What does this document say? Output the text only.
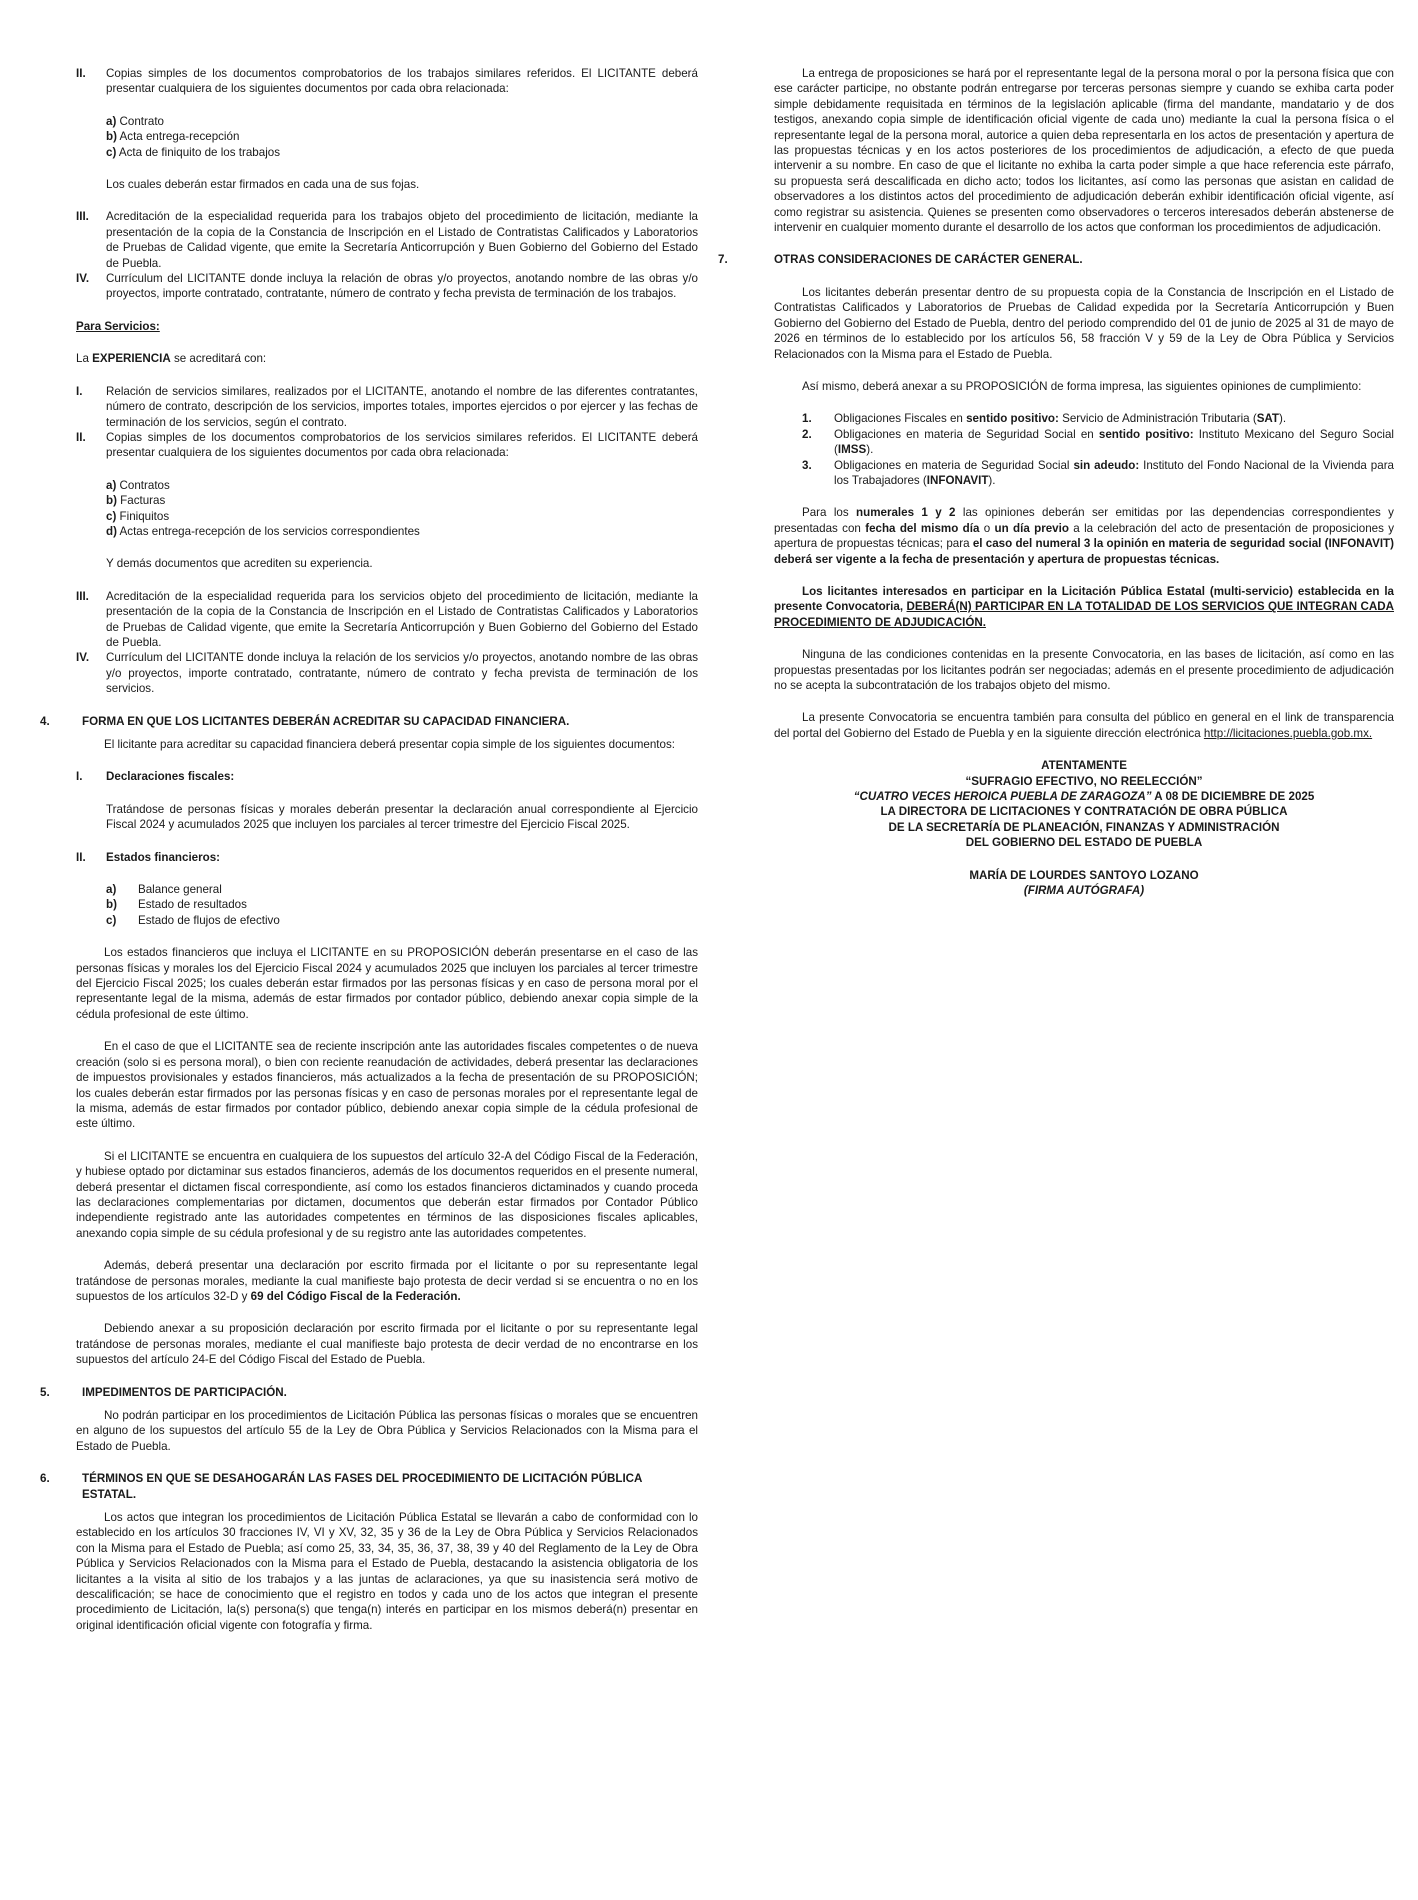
II.	Copias simples de los documentos comprobatorios de los trabajos similares referidos. El LICITANTE deberá presentar cualquiera de los siguientes documentos por cada obra relacionada:
a) Contrato
b) Acta entrega-recepción
c) Acta de finiquito de los trabajos

Los cuales deberán estar firmados en cada una de sus fojas.

III.	Acreditación de la especialidad requerida para los trabajos objeto del procedimiento de licitación, mediante la presentación de la copia de la Constancia de Inscripción en el Listado de Contratistas Calificados y Laboratorios de Pruebas de Calidad vigente, que emite la Secretaría Anticorrupción y Buen Gobierno del Gobierno del Estado de Puebla.
IV.	Currículum del LICITANTE donde incluya la relación de obras y/o proyectos, anotando nombre de las obras y/o proyectos, importe contratado, contratante, número de contrato y fecha prevista de terminación de los trabajos.

Para Servicios:

La EXPERIENCIA se acreditará con:

I.	Relación de servicios similares, realizados por el LICITANTE, anotando el nombre de las diferentes contratantes, número de contrato, descripción de los servicios, importes totales, importes ejercidos o por ejercer y las fechas de terminación de los servicios, según el contrato.
II.	Copias simples de los documentos comprobatorios de los servicios similares referidos. El LICITANTE deberá presentar cualquiera de los siguientes documentos por cada obra relacionada:
a) Contratos
b) Facturas
c) Finiquitos
d) Actas entrega-recepción de los servicios correspondientes

Y demás documentos que acrediten su experiencia.

III.	Acreditación de la especialidad requerida para los servicios objeto del procedimiento de licitación, mediante la presentación de la copia de la Constancia de Inscripción en el Listado de Contratistas Calificados y Laboratorios de Pruebas de Calidad vigente, que emite la Secretaría Anticorrupción y Buen Gobierno del Gobierno del Estado de Puebla.
IV.	Currículum del LICITANTE donde incluya la relación de los servicios y/o proyectos, anotando nombre de las obras y/o proyectos, importe contratado, contratante, número de contrato y fecha prevista de terminación de los servicios.
4.	FORMA EN QUE LOS LICITANTES DEBERÁN ACREDITAR SU CAPACIDAD FINANCIERA.

El licitante para acreditar su capacidad financiera deberá presentar copia simple de los siguientes documentos:

I.	Declaraciones fiscales:

Tratándose de personas físicas y morales deberán presentar la declaración anual correspondiente al Ejercicio Fiscal 2024 y acumulados 2025 que incluyen los parciales al tercer trimestre del Ejercicio Fiscal 2025.

II.	Estados financieros:
a)	Balance general
b)	Estado de resultados
c)	Estado de flujos de efectivo

Los estados financieros que incluya el LICITANTE en su PROPOSICIÓN deberán presentarse en el caso de las personas físicas y morales los del Ejercicio Fiscal 2024 y acumulados 2025 que incluyen los parciales al tercer trimestre del Ejercicio Fiscal 2025; los cuales deberán estar firmados por las personas físicas y en caso de persona moral por el representante legal de la misma, además de estar firmados por contador público, debiendo anexar copia simple de la cédula profesional de este último.

En el caso de que el LICITANTE sea de reciente inscripción ante las autoridades fiscales competentes o de nueva creación (solo si es persona moral), o bien con reciente reanudación de actividades, deberá presentar las declaraciones de impuestos provisionales y estados financieros, más actualizados a la fecha de presentación de su PROPOSICIÓN; los cuales deberán estar firmados por las personas físicas y en caso de personas morales por el representante legal de la misma, además de estar firmados por contador público, debiendo anexar copia simple de la cédula profesional de este último.

Si el LICITANTE se encuentra en cualquiera de los supuestos del artículo 32-A del Código Fiscal de la Federación, y hubiese optado por dictaminar sus estados financieros, además de los documentos requeridos en el presente numeral, deberá presentar el dictamen fiscal correspondiente, así como los estados financieros dictaminados y cuando proceda las declaraciones complementarias por dictamen, documentos que deberán estar firmados por Contador Público independiente registrado ante las autoridades competentes en términos de las disposiciones fiscales aplicables, anexando copia simple de su cédula profesional y de su registro ante las autoridades competentes.

Además, deberá presentar una declaración por escrito firmada por el licitante o por su representante legal tratándose de personas morales, mediante la cual manifieste bajo protesta de decir verdad si se encuentra o no en los supuestos de los artículos 32-D y 69 del Código Fiscal de la Federación.

Debiendo anexar a su proposición declaración por escrito firmada por el licitante o por su representante legal tratándose de personas morales, mediante el cual manifieste bajo protesta de decir verdad de no encontrarse en los supuestos del artículo 24-E del Código Fiscal del Estado de Puebla.

5.	IMPEDIMENTOS DE PARTICIPACIÓN.

No podrán participar en los procedimientos de Licitación Pública las personas físicas o morales que se encuentren en alguno de los supuestos del artículo 55 de la Ley de Obra Pública y Servicios Relacionados con la Misma para el Estado de Puebla.

6.	TÉRMINOS EN QUE SE DESAHOGARÁN LAS FASES DEL PROCEDIMIENTO DE LICITACIÓN PÚBLICA ESTATAL.

Los actos que integran los procedimientos de Licitación Pública Estatal se llevarán a cabo de conformidad con lo establecido en los artículos 30 fracciones IV, VI y XV, 32, 35 y 36 de la Ley de Obra Pública y Servicios Relacionados con la Misma para el Estado de Puebla; así como 25, 33, 34, 35, 36, 37, 38, 39 y 40 del Reglamento de la Ley de Obra Pública y Servicios Relacionados con la Misma para el Estado de Puebla, destacando la asistencia obligatoria de los licitantes a la visita al sitio de los trabajos y a las juntas de aclaraciones, ya que su inasistencia será motivo de descalificación; se hace de conocimiento que el registro en todos y cada uno de los actos que integran el presente procedimiento de Licitación, la(s) persona(s) que tenga(n) interés en participar en los mismos deberá(n) presentar en original identificación oficial vigente con fotografía y firma.

La entrega de proposiciones se hará por el representante legal de la persona moral o por la persona física que con ese carácter participe, no obstante podrán entregarse por terceras personas siempre y cuando se exhiba carta poder simple debidamente requisitada en términos de la legislación aplicable (firma del mandante, mandatario y de dos testigos, anexando copia simple de identificación oficial vigente de cada uno) mediante la cual la persona física o el representante legal de la persona moral, autorice a quien deba representarla en los actos de presentación y apertura de las propuestas técnicas y en los actos posteriores de los procedimientos de adjudicación, a efecto de que pueda intervenir a su nombre. En caso de que el licitante no exhiba la carta poder simple a que hace referencia este párrafo, su propuesta será descalificada en dicho acto; todos los licitantes, así como las personas que asistan en calidad de observadores a los distintos actos del procedimiento de adjudicación deberán exhibir identificación oficial vigente, así como registrar su asistencia. Quienes se presenten como observadores o terceros interesados deberán abstenerse de intervenir en cualquier momento durante el desarrollo de los actos que conforman los procedimientos de adjudicación.

7.	OTRAS CONSIDERACIONES DE CARÁCTER GENERAL.

Los licitantes deberán presentar dentro de su propuesta copia de la Constancia de Inscripción en el Listado de Contratistas Calificados y Laboratorios de Pruebas de Calidad expedida por la Secretaría Anticorrupción y Buen Gobierno del Gobierno del Estado de Puebla, dentro del periodo comprendido del 01 de junio de 2025 al 31 de mayo de 2026 en términos de lo establecido por los artículos 56, 58 fracción V y 59 de la Ley de Obra Pública y Servicios Relacionados con la Misma para el Estado de Puebla.

Así mismo, deberá anexar a su PROPOSICIÓN de forma impresa, las siguientes opiniones de cumplimiento:

1.	Obligaciones Fiscales en sentido positivo: Servicio de Administración Tributaria (SAT).
2.	Obligaciones en materia de Seguridad Social en sentido positivo: Instituto Mexicano del Seguro Social (IMSS).
3.	Obligaciones en materia de Seguridad Social sin adeudo: Instituto del Fondo Nacional de la Vivienda para los Trabajadores (INFONAVIT).

Para los numerales 1 y 2 las opiniones deberán ser emitidas por las dependencias correspondientes y presentadas con fecha del mismo día o un día previo a la celebración del acto de presentación de proposiciones y apertura de propuestas técnicas; para el caso del numeral 3 la opinión en materia de seguridad social (INFONAVIT) deberá ser vigente a la fecha de presentación y apertura de propuestas técnicas.

Los licitantes interesados en participar en la Licitación Pública Estatal (multi-servicio) establecida en la presente Convocatoria, DEBERÁ(N) PARTICIPAR EN LA TOTALIDAD DE LOS SERVICIOS QUE INTEGRAN CADA PROCEDIMIENTO DE ADJUDICACIÓN.

Ninguna de las condiciones contenidas en la presente Convocatoria, en las bases de licitación, así como en las propuestas presentadas por los licitantes podrán ser negociadas; además en el presente procedimiento de adjudicación no se acepta la subcontratación de los trabajos objeto del mismo.

La presente Convocatoria se encuentra también para consulta del público en general en el link de transparencia del portal del Gobierno del Estado de Puebla y en la siguiente dirección electrónica http://licitaciones.puebla.gob.mx.

ATENTAMENTE
“SUFRAGIO EFECTIVO, NO REELECCIÓN”
“CUATRO VECES HEROICA PUEBLA DE ZARAGOZA” A 08 DE DICIEMBRE DE 2025
LA DIRECTORA DE LICITACIONES Y CONTRATACIÓN DE OBRA PÚBLICA
DE LA SECRETARÍA DE PLANEACIÓN, FINANZAS Y ADMINISTRACIÓN
DEL GOBIERNO DEL ESTADO DE PUEBLA
MARÍA DE LOURDES SANTOYO LOZANO
(FIRMA AUTÓGRAFA)
